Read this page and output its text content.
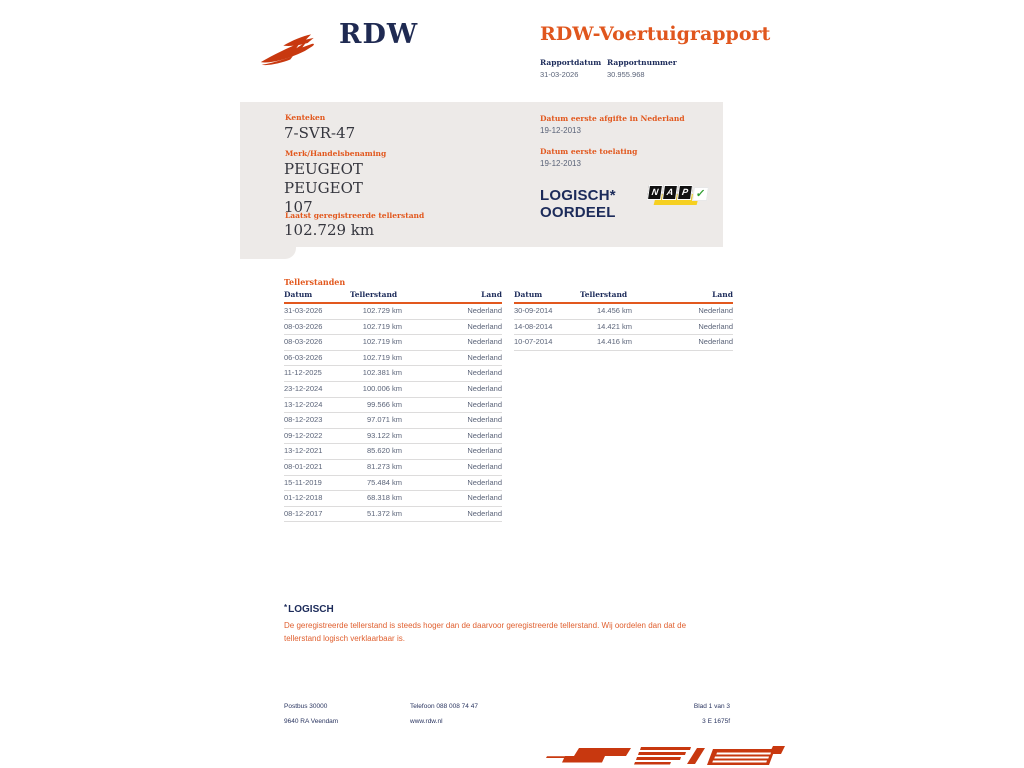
RDW	RDW-Voertuigrapport
Rapportdatum
31-03-2026
Rapportnummer
30.955.968
Kenteken
7-SVR-47
Merk/Handelsbenaming
PEUGEOT PEUGEOT
107
Laatst geregistreerde tellerstand
102.729 km
Datum eerste afgifte in Nederland
19-12-2013
Datum eerste toelating
19-12-2013
LOGISCH*
OORDEEL
N A P ✓
Tellerstanden
Datum	Tellerstand	Land
31-03-2026	102.729 km	Nederland
08-03-2026	102.719 km	Nederland
08-03-2026	102.719 km	Nederland
06-03-2026	102.719 km	Nederland
11-12-2025	102.381 km	Nederland
23-12-2024	100.006 km	Nederland
13-12-2024	99.566 km	Nederland
08-12-2023	97.071 km	Nederland
09-12-2022	93.122 km	Nederland
13-12-2021	85.620 km	Nederland
08-01-2021	81.273 km	Nederland
15-11-2019	75.484 km	Nederland
01-12-2018	68.318 km	Nederland
08-12-2017	51.372 km	Nederland
Datum	Tellerstand	Land
30-09-2014	14.456 km	Nederland
14-08-2014	14.421 km	Nederland
10-07-2014	14.416 km	Nederland
*LOGISCH
De geregistreerde tellerstand is steeds hoger dan de daarvoor geregistreerde tellerstand. Wij oordelen dan dat de tellerstand logisch verklaarbaar is.
Postbus 30000
9640 RA Veendam
Telefoon 088 008 74 47
www.rdw.nl
Blad 1 van 3
3 E 1675f
